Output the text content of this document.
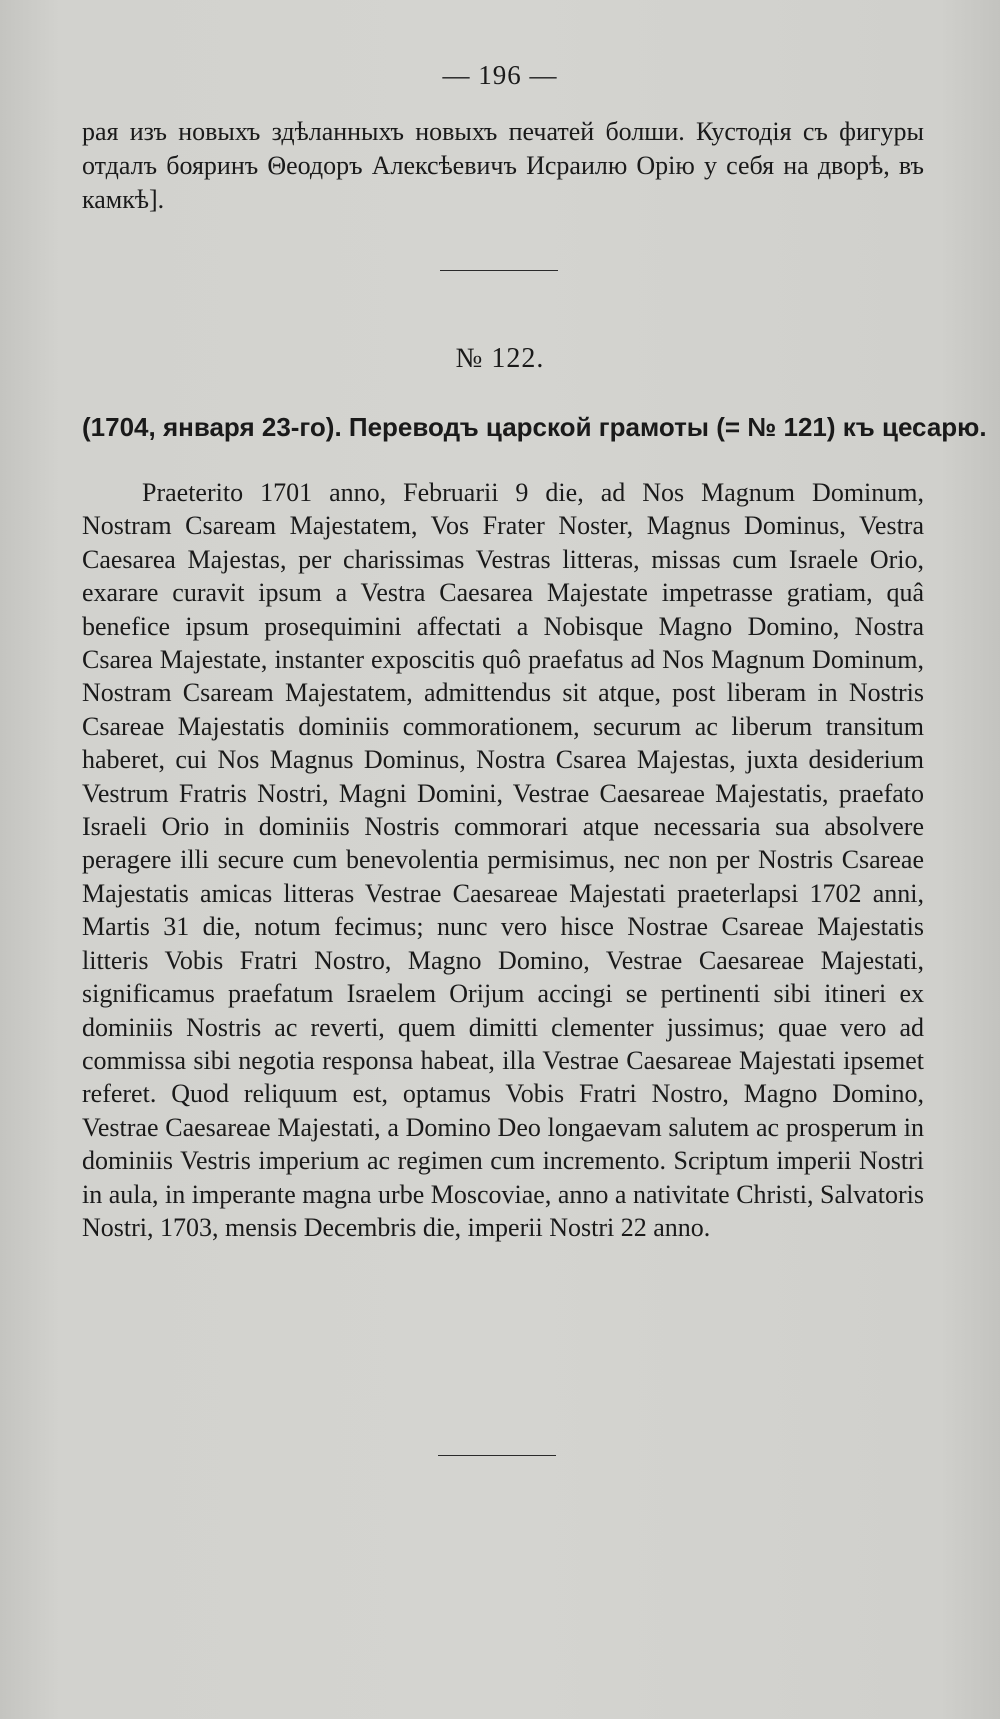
— 196 —
рая изъ новыхъ здѣланныхъ новыхъ печатей болши. Кустодія съ фигуры отдалъ бояринъ Θеодоръ Алексѣевичъ Исраилю Орію у себя на дворѣ, въ камкѣ].
№ 122.
(1704, января 23-го). Переводъ царской грамоты (= № 121) къ цесарю.
Praeterito 1701 anno, Februarii 9 die, ad Nos Magnum Dominum, Nostram Csaream Majestatem, Vos Frater Noster, Magnus Dominus, Vestra Caesarea Majestas, per charissimas Vestras litteras, missas cum Israele Orio, exarare curavit ipsum a Vestra Caesarea Majestate impetrasse gratiam, quâ benefice ipsum prosequimini affectati a Nobisque Magno Domino, Nostra Csarea Majestate, instanter exposcitis quô praefatus ad Nos Magnum Dominum, Nostram Csaream Majestatem, admittendus sit atque, post liberam in Nostris Csareae Majestatis dominiis commorationem, securum ac liberum transitum haberet, cui Nos Magnus Dominus, Nostra Csarea Majestas, juxta desiderium Vestrum Fratris Nostri, Magni Domini, Vestrae Caesareae Majestatis, praefato Israeli Orio in dominiis Nostris commorari atque necessaria sua absolvere peragere illi secure cum benevolentia permisimus, nec non per Nostris Csareae Majestatis amicas litteras Vestrae Caesareae Majestati praeterlapsi 1702 anni, Martis 31 die, notum fecimus; nunc vero hisce Nostrae Csareae Majestatis litteris Vobis Fratri Nostro, Magno Domino, Vestrae Caesareae Majestati, significamus praefatum Israelem Orijum accingi se pertinenti sibi itineri ex dominiis Nostris ac reverti, quem dimitti clementer jussimus; quae vero ad commissa sibi negotia responsa habeat, illa Vestrae Caesareae Majestati ipsemet referet. Quod reliquum est, optamus Vobis Fratri Nostro, Magno Domino, Vestrae Caesareae Majestati, a Domino Deo longaevam salutem ac prosperum in dominiis Vestris imperium ac regimen cum incremento. Scriptum imperii Nostri in aula, in imperante magna urbe Moscoviae, anno a nativitate Christi, Salvatoris Nostri, 1703, mensis Decembris die, imperii Nostri 22 anno.
